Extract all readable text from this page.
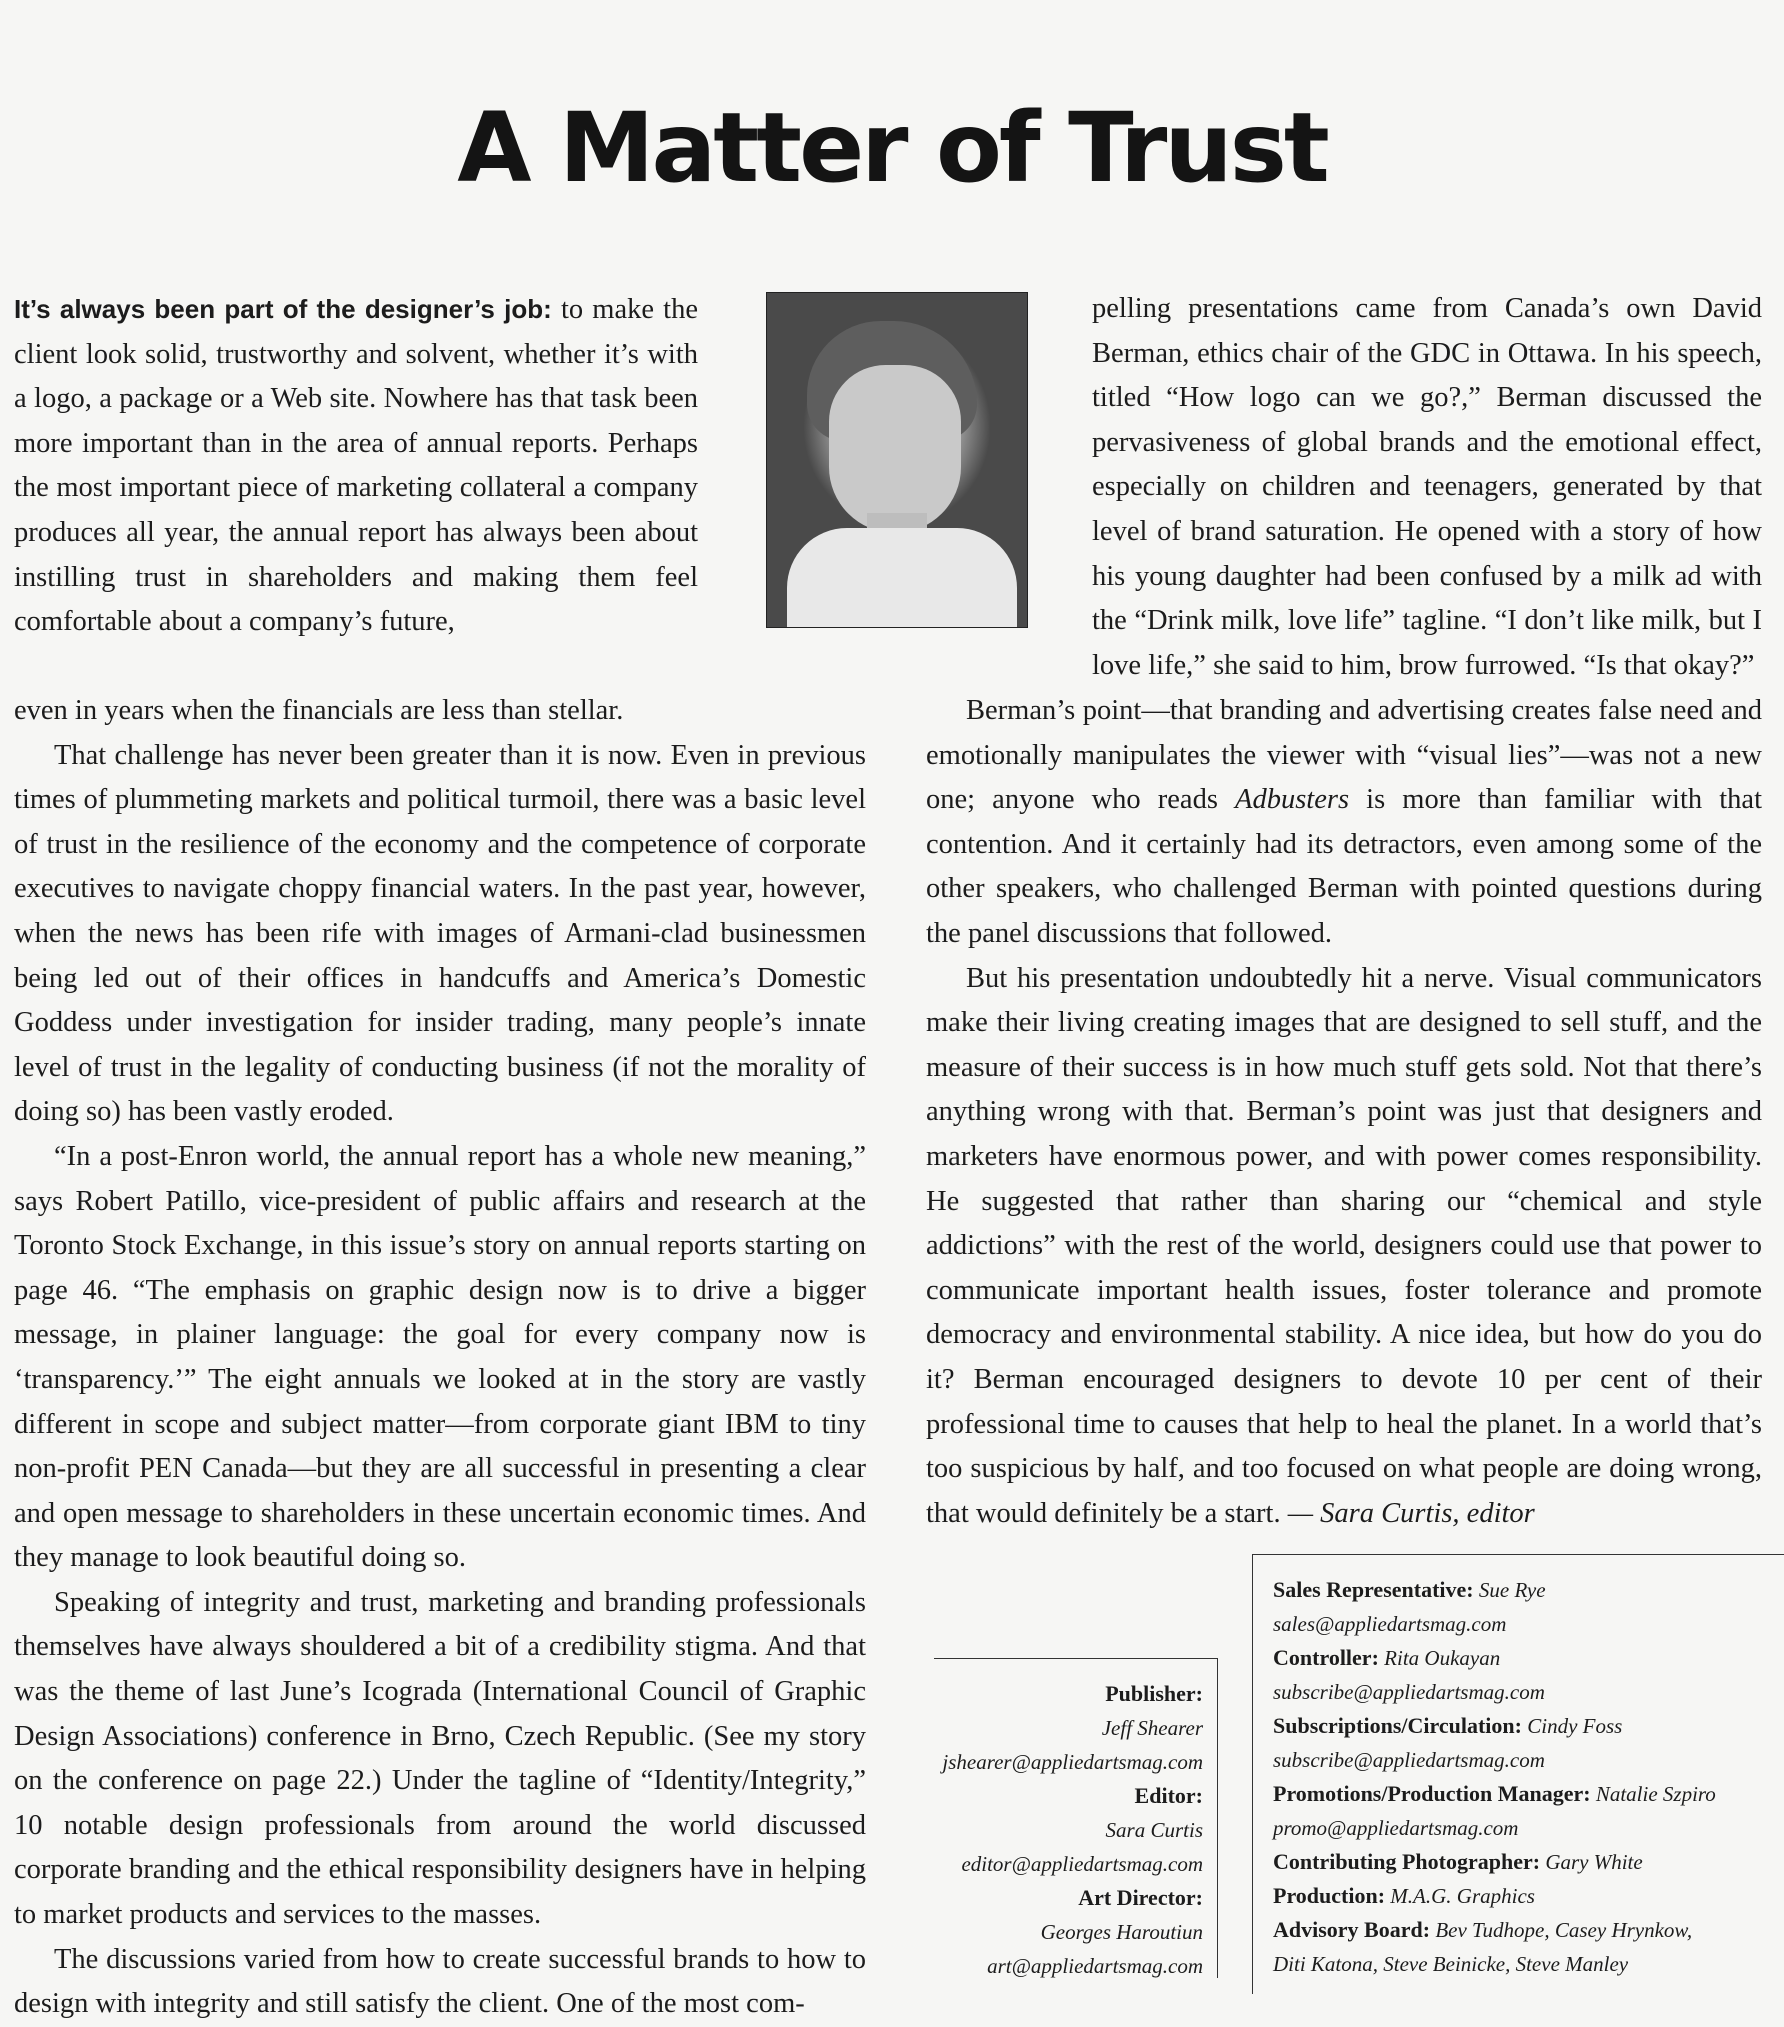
A Matter of Trust

It’s always been part of the designer’s job: to make the client look solid, trustworthy and solvent, whether it’s with a logo, a package or a Web site. Nowhere has that task been more important than in the area of annual reports. Perhaps the most important piece of marketing collateral a company produces all year, the annual report has always been about instilling trust in shareholders and making them feel comfortable about a company’s future,

even in years when the financials are less than stellar.

That challenge has never been greater than it is now. Even in previous times of plummeting markets and political turmoil, there was a basic level of trust in the resilience of the economy and the competence of corporate executives to navigate choppy financial waters. In the past year, however, when the news has been rife with images of Armani-clad businessmen being led out of their offices in handcuffs and America’s Domestic Goddess under investigation for insider trading, many people’s innate level of trust in the legality of conducting business (if not the morality of doing so) has been vastly eroded.

“In a post-Enron world, the annual report has a whole new meaning,” says Robert Patillo, vice-president of public affairs and research at the Toronto Stock Exchange, in this issue’s story on annual reports starting on page 46. “The emphasis on graphic design now is to drive a bigger message, in plainer language: the goal for every company now is ‘transparency.’” The eight annuals we looked at in the story are vastly different in scope and subject matter—from corporate giant IBM to tiny non-profit PEN Canada—but they are all successful in presenting a clear and open message to shareholders in these uncertain economic times. And they manage to look beautiful doing so.

Speaking of integrity and trust, marketing and branding professionals themselves have always shouldered a bit of a credibility stigma. And that was the theme of last June’s Icograda (International Council of Graphic Design Associations) conference in Brno, Czech Republic. (See my story on the conference on page 22.) Under the tagline of “Identity/Integrity,” 10 notable design professionals from around the world discussed corporate branding and the ethical responsibility designers have in helping to market products and services to the masses.

The discussions varied from how to create successful brands to how to design with integrity and still satisfy the client. One of the most com-

pelling presentations came from Canada’s own David Berman, ethics chair of the GDC in Ottawa. In his speech, titled “How logo can we go?,” Berman discussed the pervasiveness of global brands and the emotional effect, especially on children and teenagers, generated by that level of brand saturation. He opened with a story of how his young daughter had been confused by a milk ad with the “Drink milk, love life” tagline. “I don’t like milk, but I love life,” she said to him, brow furrowed. “Is that okay?”

Berman’s point—that branding and advertising creates false need and emotionally manipulates the viewer with “visual lies”—was not a new one; anyone who reads Adbusters is more than familiar with that contention. And it certainly had its detractors, even among some of the other speakers, who challenged Berman with pointed questions during the panel discussions that followed.

But his presentation undoubtedly hit a nerve. Visual communicators make their living creating images that are designed to sell stuff, and the measure of their success is in how much stuff gets sold. Not that there’s anything wrong with that. Berman’s point was just that designers and marketers have enormous power, and with power comes responsibility. He suggested that rather than sharing our “chemical and style addictions” with the rest of the world, designers could use that power to communicate important health issues, foster tolerance and promote democracy and environmental stability. A nice idea, but how do you do it? Berman encouraged designers to devote 10 per cent of their professional time to causes that help to heal the planet. In a world that’s too suspicious by half, and too focused on what people are doing wrong, that would definitely be a start. — Sara Curtis, editor

Publisher:
Jeff Shearer
jshearer@appliedartsmag.com
Editor:
Sara Curtis
editor@appliedartsmag.com
Art Director:
Georges Haroutiun
art@appliedartsmag.com
Sales Representative: Sue Rye
sales@appliedartsmag.com
Controller: Rita Oukayan
subscribe@appliedartsmag.com
Subscriptions/Circulation: Cindy Foss
subscribe@appliedartsmag.com
Promotions/Production Manager: Natalie Szpiro
promo@appliedartsmag.com
Contributing Photographer: Gary White
Production: M.A.G. Graphics
Advisory Board: Bev Tudhope, Casey Hrynkow,
Diti Katona, Steve Beinicke, Steve Manley
